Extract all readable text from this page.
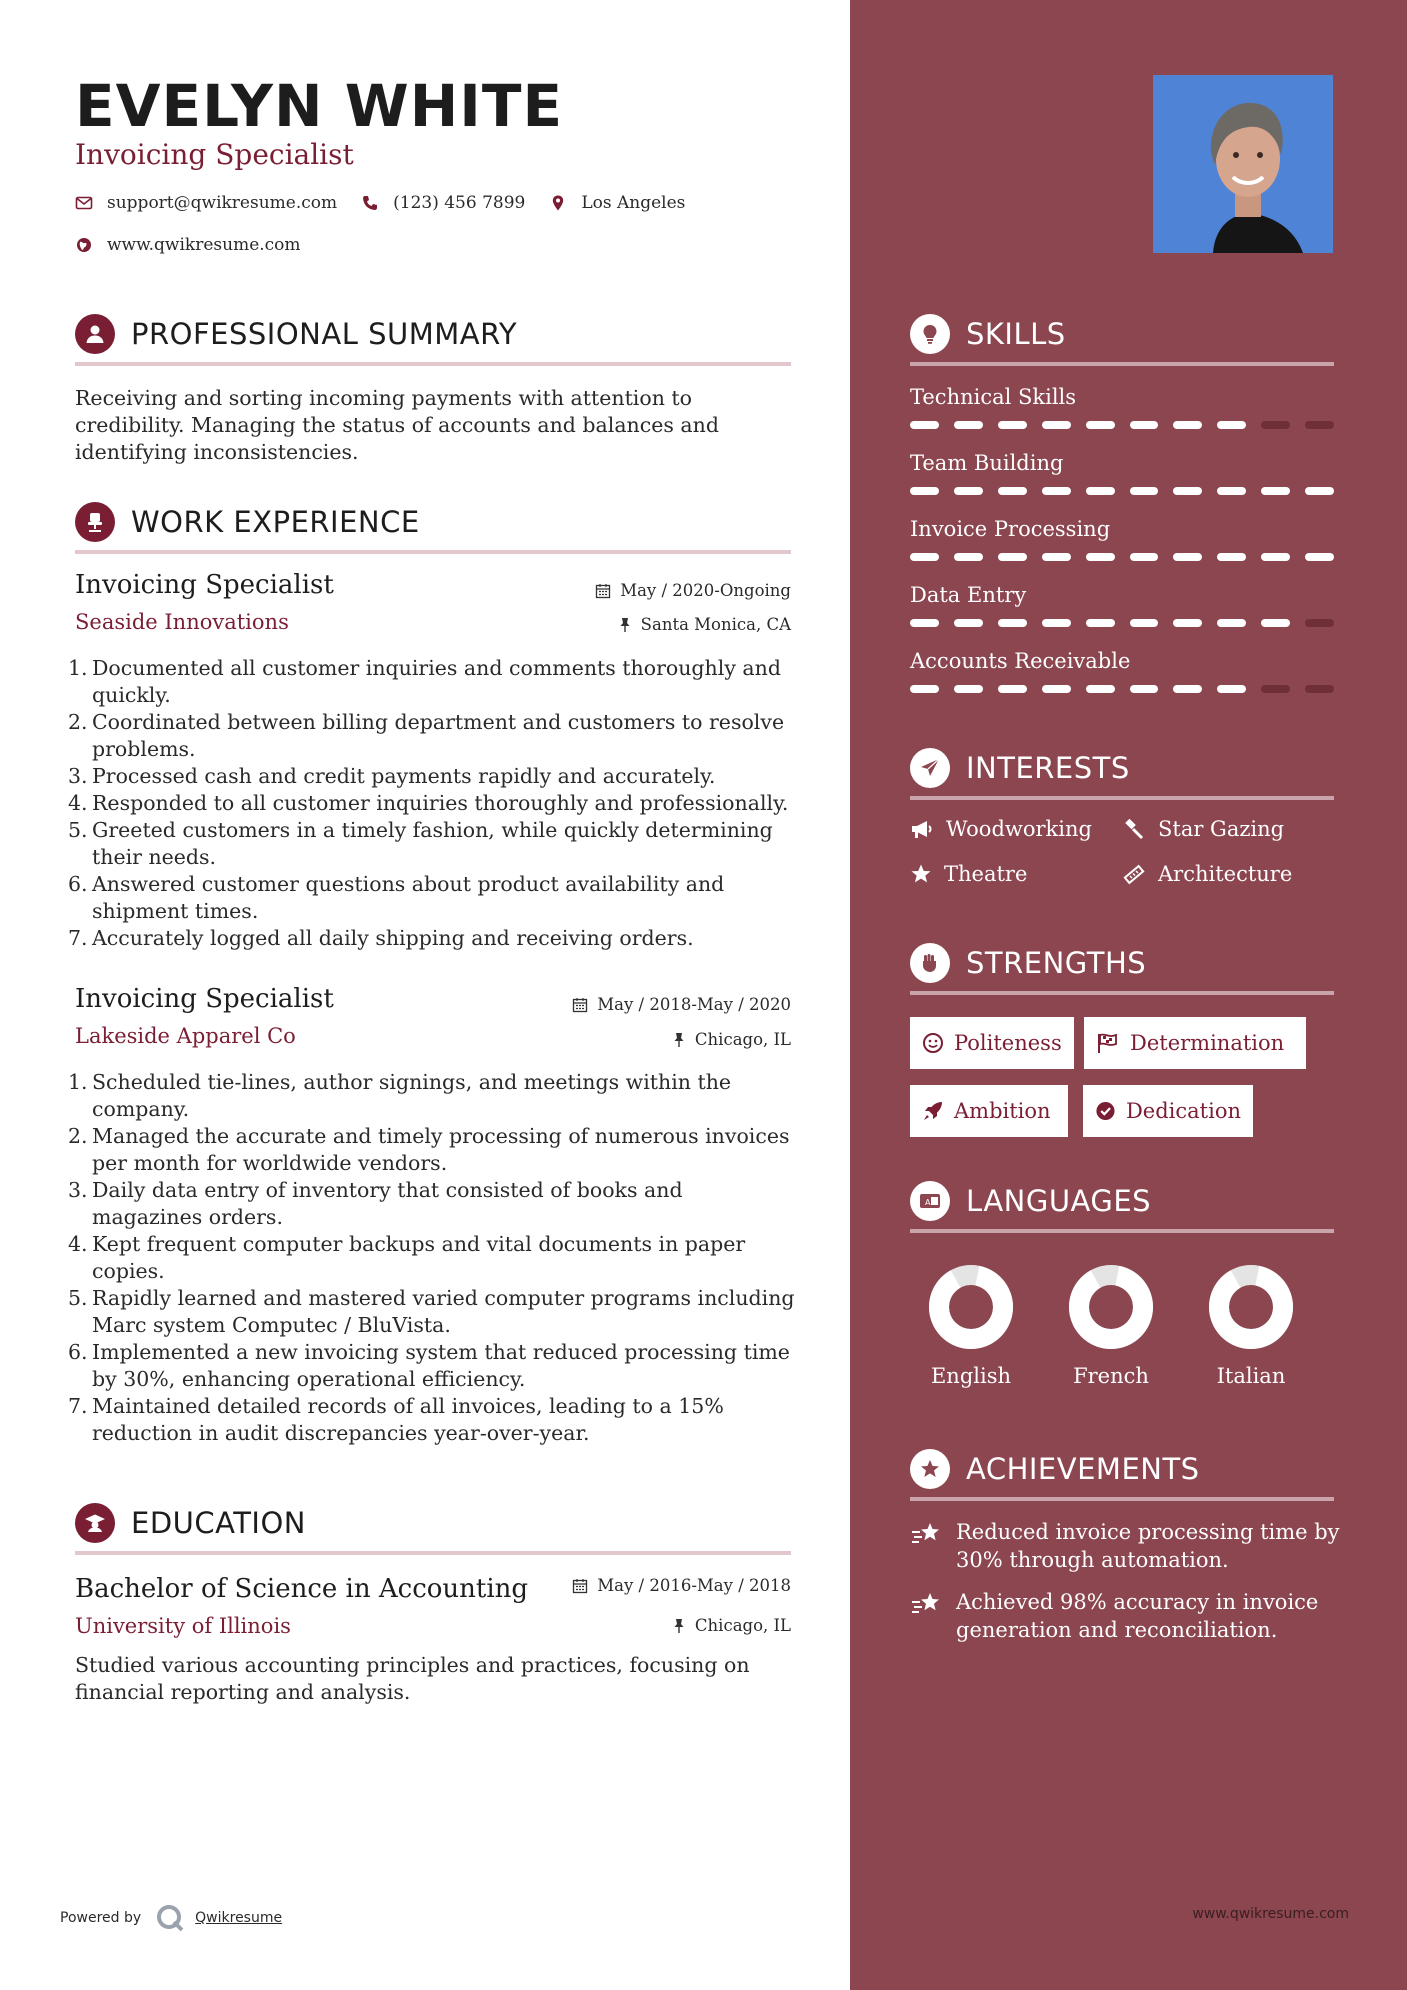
EVELYN WHITE
Invoicing Specialist
support@qwikresume.com	(123) 456 7899	Los Angeles
www.qwikresume.com
PROFESSIONAL SUMMARY
Receiving and sorting incoming payments with attention to credibility. Managing the status of accounts and balances and identifying inconsistencies.
WORK EXPERIENCE
Invoicing Specialist
Seaside Innovations
May / 2020-Ongoing
Santa Monica, CA
Documented all customer inquiries and comments thoroughly and quickly.
Coordinated between billing department and customers to resolve problems.
Processed cash and credit payments rapidly and accurately.
Responded to all customer inquiries thoroughly and professionally.
Greeted customers in a timely fashion, while quickly determining their needs.
Answered customer questions about product availability and shipment times.
Accurately logged all daily shipping and receiving orders.
Invoicing Specialist
Lakeside Apparel Co
May / 2018-May / 2020
Chicago, IL
Scheduled tie-lines, author signings, and meetings within the company.
Managed the accurate and timely processing of numerous invoices per month for worldwide vendors.
Daily data entry of inventory that consisted of books and magazines orders.
Kept frequent computer backups and vital documents in paper copies.
Rapidly learned and mastered varied computer programs including Marc system Computec / BluVista.
Implemented a new invoicing system that reduced processing time by 30%, enhancing operational efficiency.
Maintained detailed records of all invoices, leading to a 15% reduction in audit discrepancies year-over-year.
EDUCATION
Bachelor of Science in Accounting
University of Illinois
May / 2016-May / 2018
Chicago, IL
Studied various accounting principles and practices, focusing on financial reporting and analysis.
Powered by	Qwikresume
SKILLS
Technical Skills
Team Building
Invoice Processing
Data Entry
Accounts Receivable
INTERESTS
Woodworking	Star Gazing
Theatre	Architecture
STRENGTHS
Politeness	Determination
Ambition	Dedication
A LANGUAGES
English	French	Italian
ACHIEVEMENTS
Reduced invoice processing time by 30% through automation.
Achieved 98% accuracy in invoice generation and reconciliation.
www.qwikresume.com
